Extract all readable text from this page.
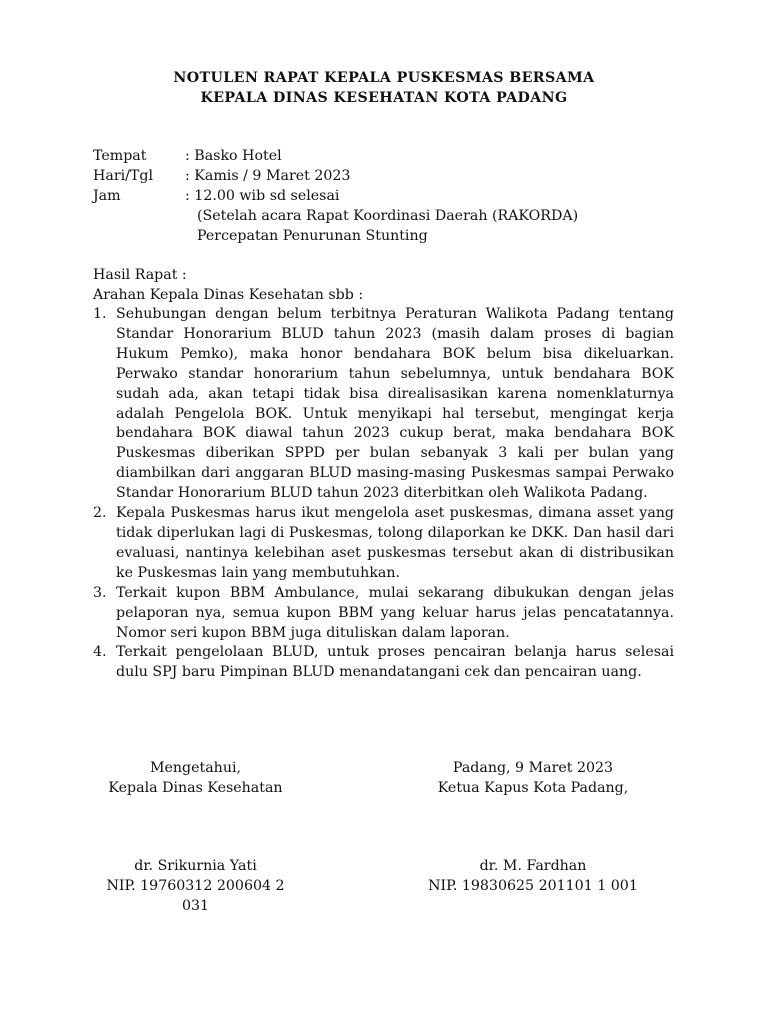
NOTULEN RAPAT KEPALA PUSKESMAS BERSAMA
KEPALA DINAS KESEHATAN KOTA PADANG
Tempat	: Basko Hotel
Hari/Tgl	: Kamis / 9 Maret 2023
Jam	: 12.00 wib sd selesai
(Setelah acara Rapat Koordinasi Daerah (RAKORDA)
Percepatan Penurunan Stunting
Hasil Rapat :
Arahan Kepala Dinas Kesehatan sbb :
1. Sehubungan dengan belum terbitnya Peraturan Walikota Padang tentang Standar Honorarium BLUD tahun 2023 (masih dalam proses di bagian Hukum Pemko), maka honor bendahara BOK belum bisa dikeluarkan. Perwako standar honorarium tahun sebelumnya, untuk bendahara BOK sudah ada, akan tetapi tidak bisa direalisasikan karena nomenklaturnya adalah Pengelola BOK. Untuk menyikapi hal tersebut, mengingat kerja bendahara BOK diawal tahun 2023 cukup berat, maka bendahara BOK Puskesmas diberikan SPPD per bulan sebanyak 3 kali per bulan yang diambilkan dari anggaran BLUD masing-masing Puskesmas sampai Perwako Standar Honorarium BLUD tahun 2023 diterbitkan oleh Walikota Padang.
2. Kepala Puskesmas harus ikut mengelola aset puskesmas, dimana asset yang tidak diperlukan lagi di Puskesmas, tolong dilaporkan ke DKK. Dan hasil dari evaluasi, nantinya kelebihan aset puskesmas tersebut akan di distribusikan ke Puskesmas lain yang membutuhkan.
3. Terkait kupon BBM Ambulance, mulai sekarang dibukukan dengan jelas pelaporan nya, semua kupon BBM yang keluar harus jelas pencatatannya. Nomor seri kupon BBM juga dituliskan dalam laporan.
4. Terkait pengelolaan BLUD, untuk proses pencairan belanja harus selesai dulu SPJ baru Pimpinan BLUD menandatangani cek dan pencairan uang.
Mengetahui,
Kepala Dinas Kesehatan
dr. Srikurnia Yati
NIP. 19760312 200604 2 031
Padang, 9 Maret 2023
Ketua Kapus Kota Padang,
dr. M. Fardhan
NIP. 19830625 201101 1 001
